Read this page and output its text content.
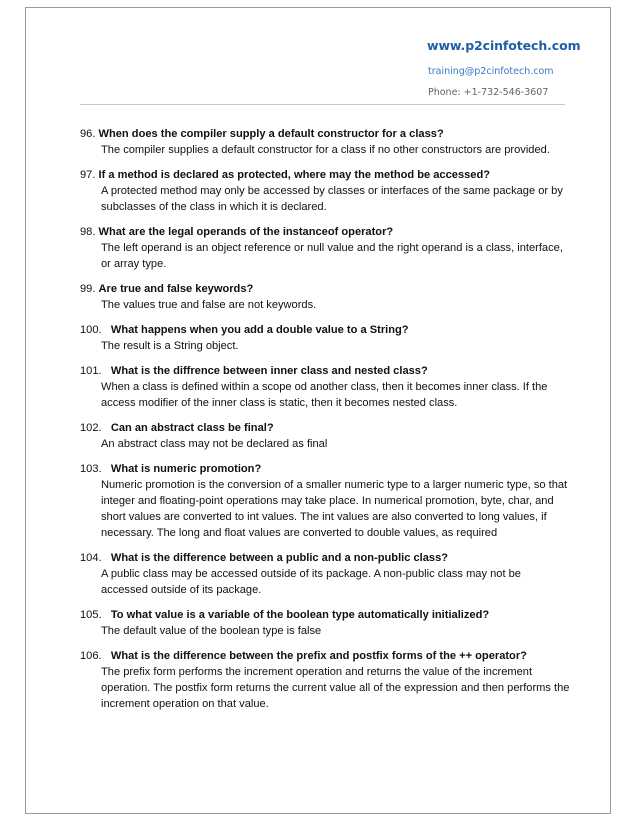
www.p2cinfotech.com
training@p2cinfotech.com
Phone: +1-732-546-3607
96. When does the compiler supply a default constructor for a class?
The compiler supplies a default constructor for a class if no other constructors are provided.
97. If a method is declared as protected, where may the method be accessed?
A protected method may only be accessed by classes or interfaces of the same package or by subclasses of the class in which it is declared.
98. What are the legal operands of the instanceof operator?
The left operand is an object reference or null value and the right operand is a class, interface, or array type.
99. Are true and false keywords?
The values true and false are not keywords.
100. What happens when you add a double value to a String?
The result is a String object.
101. What is the diffrence between inner class and nested class?
When a class is defined within a scope od another class, then it becomes inner class. If the access modifier of the inner class is static, then it becomes nested class.
102. Can an abstract class be final?
An abstract class may not be declared as final
103. What is numeric promotion?
Numeric promotion is the conversion of a smaller numeric type to a larger numeric type, so that integer and floating-point operations may take place. In numerical promotion, byte, char, and short values are converted to int values. The int values are also converted to long values, if necessary. The long and float values are converted to double values, as required
104. What is the difference between a public and a non-public class?
A public class may be accessed outside of its package. A non-public class may not be accessed outside of its package.
105. To what value is a variable of the boolean type automatically initialized?
The default value of the boolean type is false
106. What is the difference between the prefix and postfix forms of the ++ operator?
The prefix form performs the increment operation and returns the value of the increment operation. The postfix form returns the current value all of the expression and then performs the increment operation on that value.
